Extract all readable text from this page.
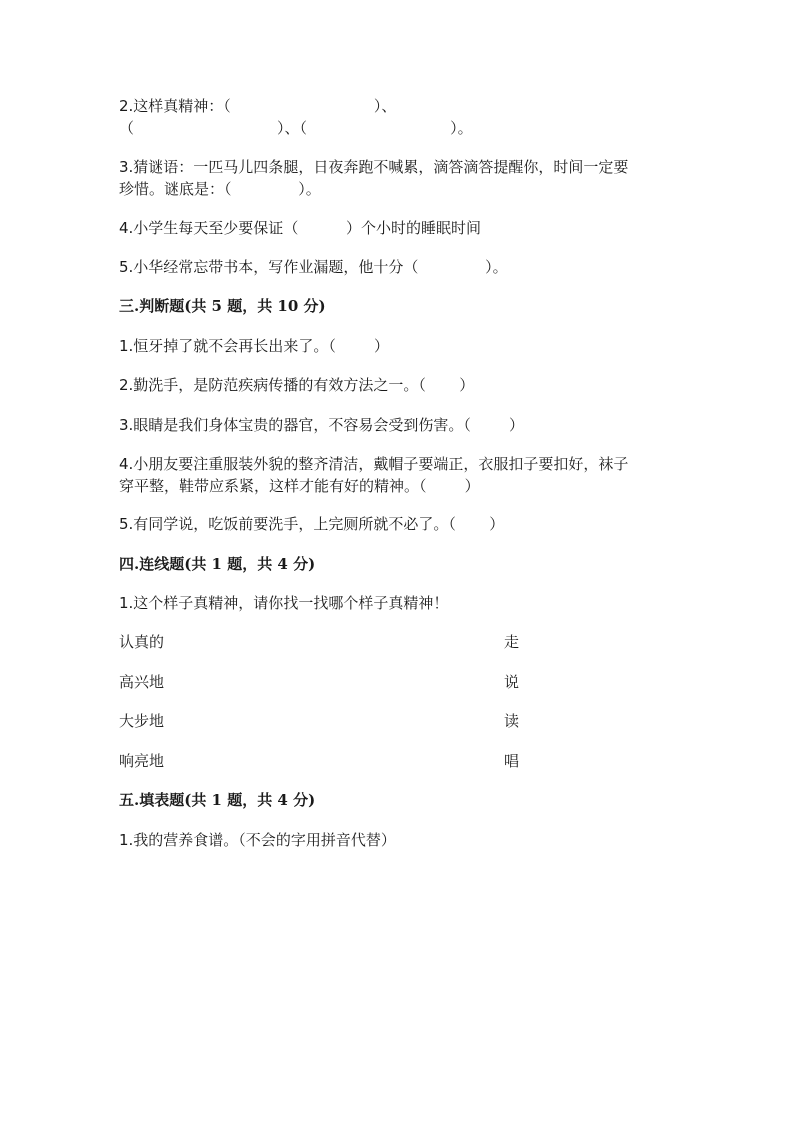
2.这样真精神：（                              ）、
（                              ）、（                              ）。
3.猜谜语：一匹马儿四条腿，日夜奔跑不喊累，滴答滴答提醒你，时间一定要
珍惜。谜底是：（              ）。
4.小学生每天至少要保证（          ）个小时的睡眠时间
5.小华经常忘带书本，写作业漏题，他十分（              ）。
三.判断题(共 5 题，共 10 分)
1.恒牙掉了就不会再长出来了。（        ）
2.勤洗手，是防范疾病传播的有效方法之一。（       ）
3.眼睛是我们身体宝贵的器官，不容易会受到伤害。（        ）
4.小朋友要注重服装外貌的整齐清洁，戴帽子要端正，衣服扣子要扣好，袜子
穿平整，鞋带应系紧，这样才能有好的精神。（        ）
5.有同学说，吃饭前要洗手，上完厕所就不必了。（       ）
四.连线题(共 1 题，共 4 分)
1.这个样子真精神，请你找一找哪个样子真精神！
认真的	走
高兴地	说
大步地	读
响亮地	唱
五.填表题(共 1 题，共 4 分)
1.我的营养食谱。（不会的字用拼音代替）
